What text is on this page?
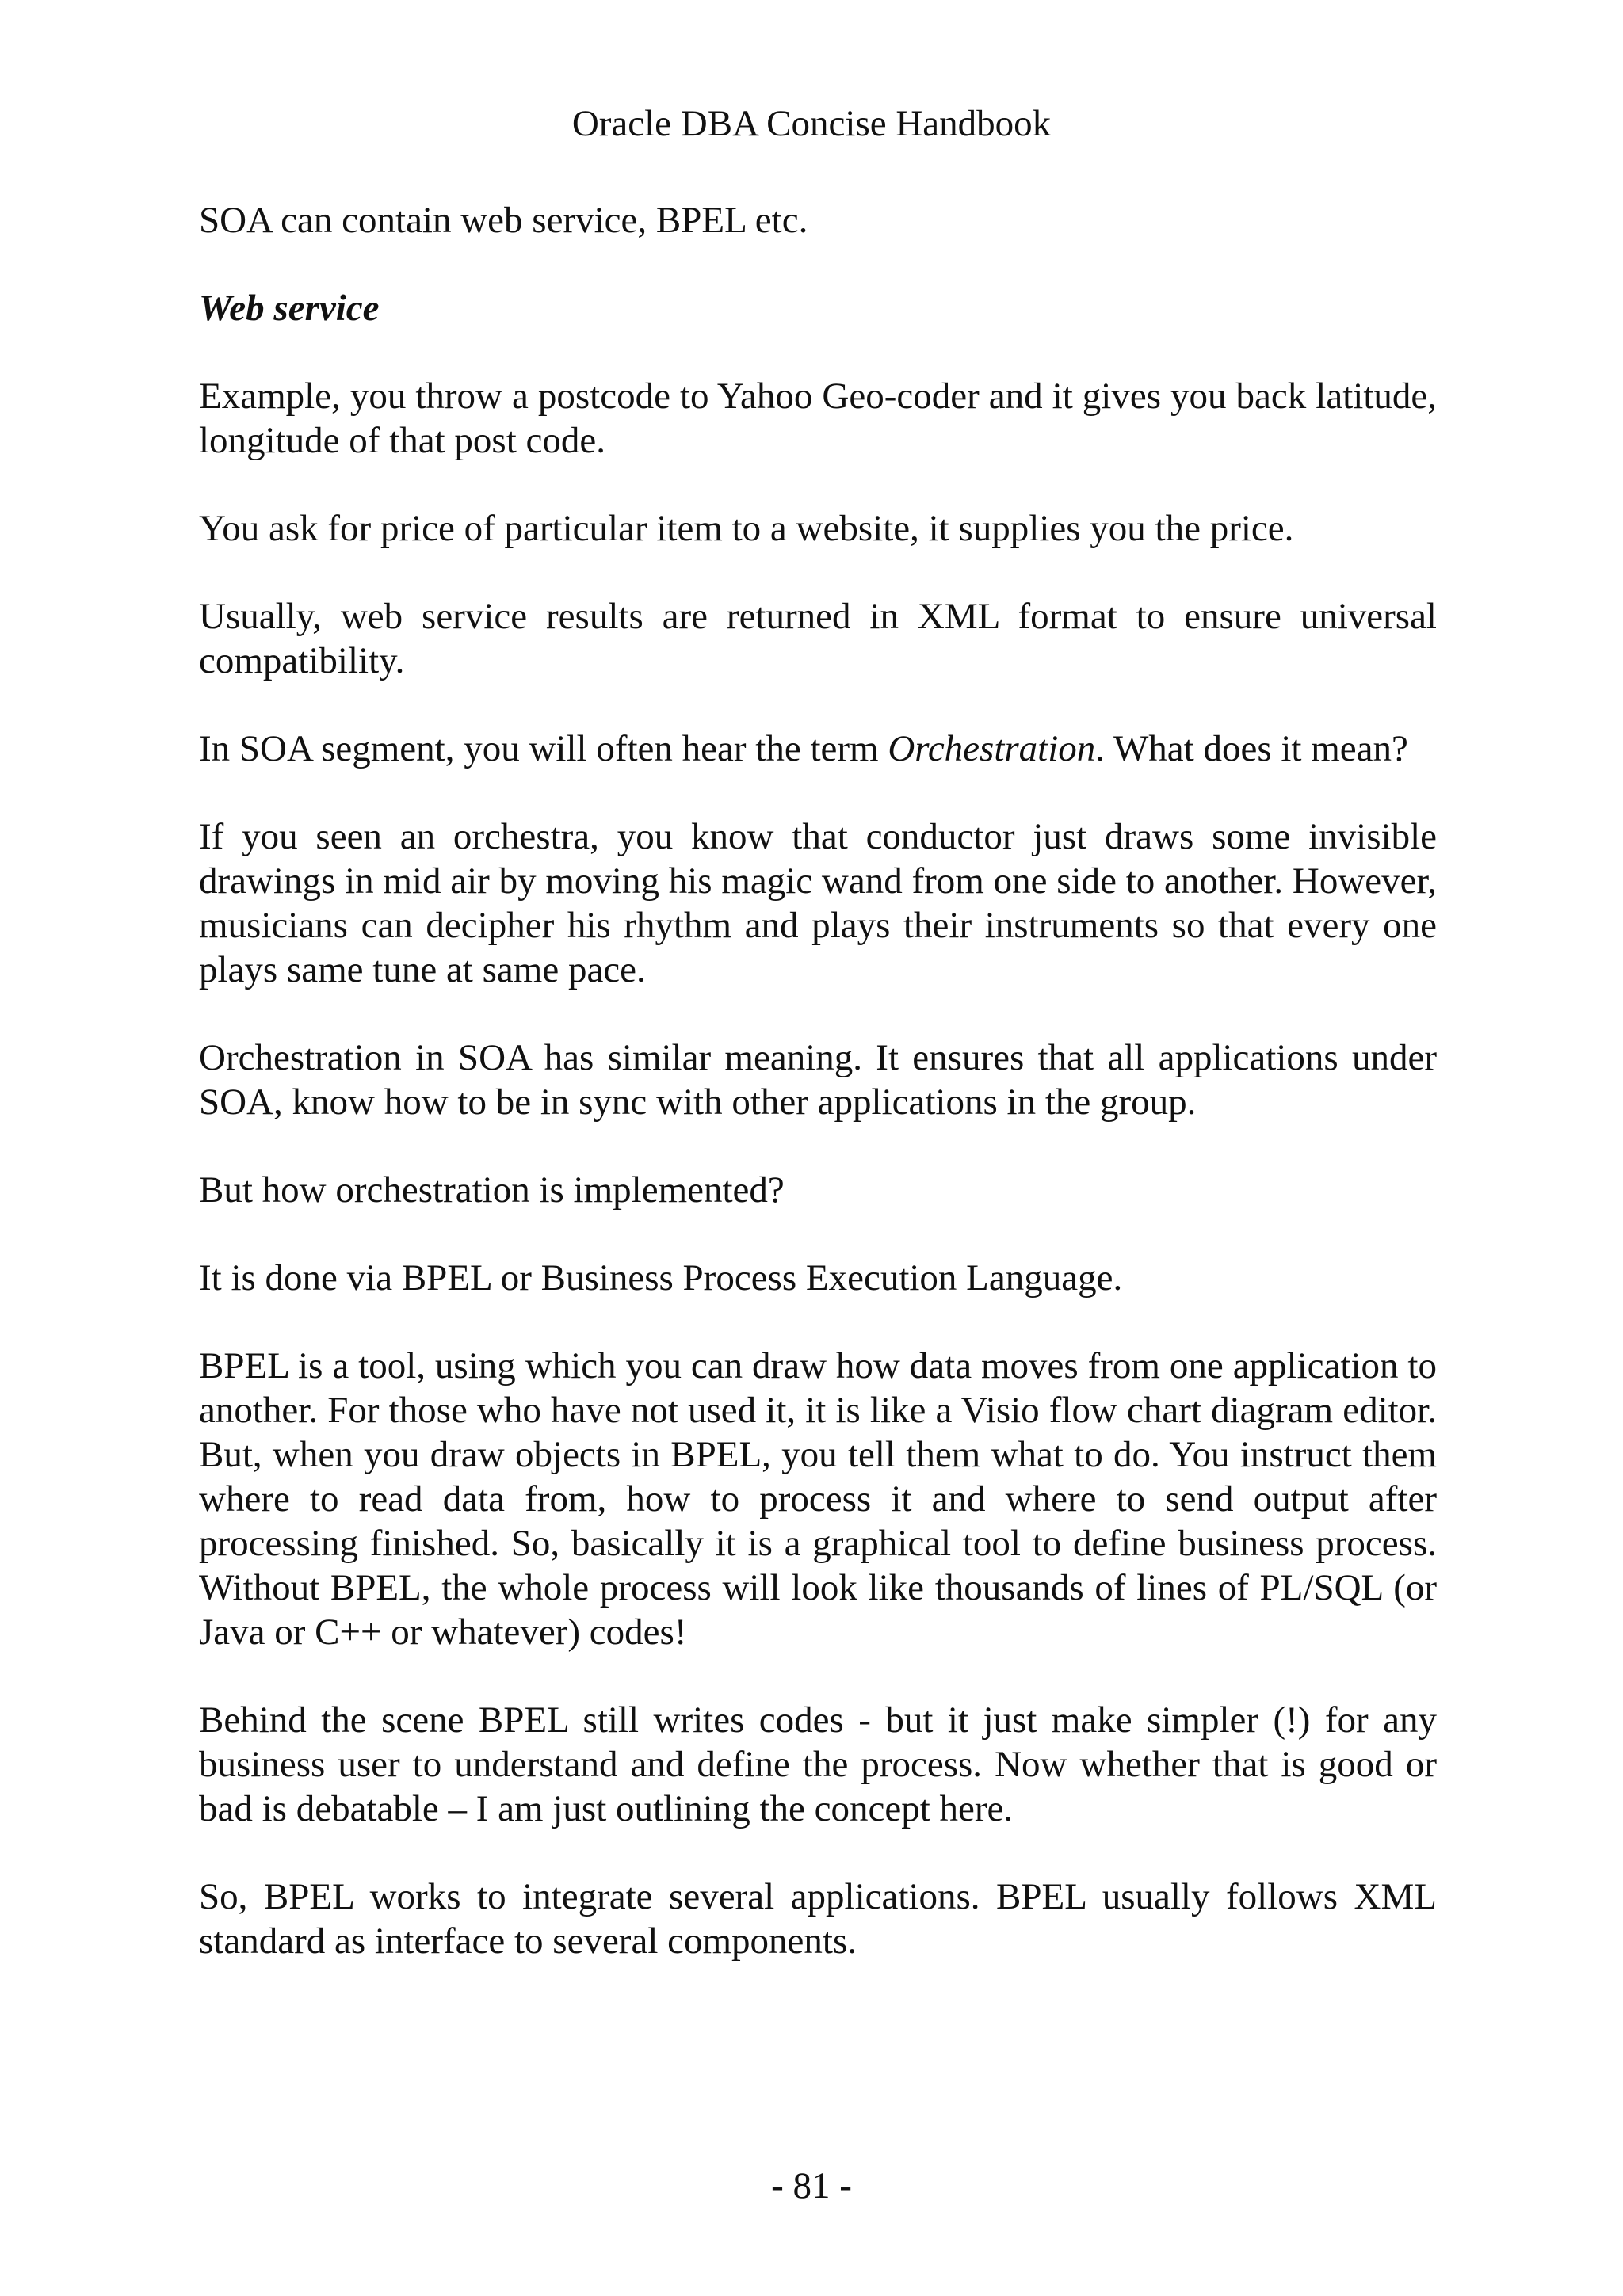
Oracle DBA Concise Handbook

SOA can contain web service, BPEL etc.

Web service

Example, you throw a postcode to Yahoo Geo-coder and it gives you back latitude, longitude of that post code.

You ask for price of particular item to a website, it supplies you the price.

Usually, web service results are returned in XML format to ensure universal compatibility.

In SOA segment, you will often hear the term Orchestration. What does it mean?

If you seen an orchestra, you know that conductor just draws some invisible drawings in mid air by moving his magic wand from one side to another. However, musicians can decipher his rhythm and plays their instruments so that every one plays same tune at same pace.

Orchestration in SOA has similar meaning. It ensures that all applications under SOA, know how to be in sync with other applications in the group.

But how orchestration is implemented?

It is done via BPEL or Business Process Execution Language.

BPEL is a tool, using which you can draw how data moves from one application to another. For those who have not used it, it is like a Visio flow chart diagram editor. But, when you draw objects in BPEL, you tell them what to do. You instruct them where to read data from, how to process it and where to send output after processing finished. So, basically it is a graphical tool to define business process. Without BPEL, the whole process will look like thousands of lines of PL/SQL (or Java or C++ or whatever) codes!

Behind the scene BPEL still writes codes - but it just make simpler (!) for any business user to understand and define the process. Now whether that is good or bad is debatable – I am just outlining the concept here.

So, BPEL works to integrate several applications. BPEL usually follows XML standard as interface to several components.

- 81 -
